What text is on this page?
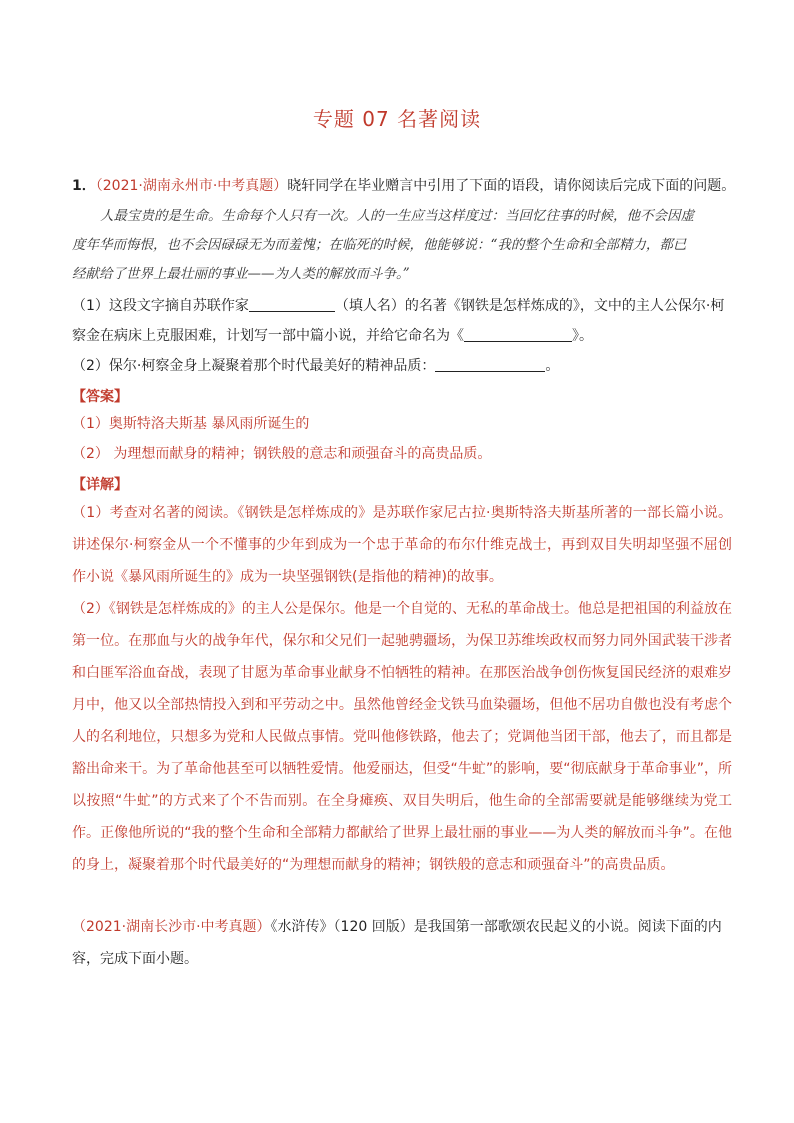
专题 07 名著阅读
1．（2021·湖南永州市·中考真题）晓轩同学在毕业赠言中引用了下面的语段，请你阅读后完成下面的问题。
人最宝贵的是生命。生命每个人只有一次。人的一生应当这样度过：当回忆往事的时候，他不会因虚
度年华而悔恨，也不会因碌碌无为而羞愧；在临死的时候，他能够说：“我的整个生命和全部精力，都已
经献给了世界上最壮丽的事业——为人类的解放而斗争。”
（1）这段文字摘自苏联作家	（填人名）的名著《钢铁是怎样炼成的》，文中的主人公保尔·柯
察金在病床上克服困难，计划写一部中篇小说，并给它命名为《	》。
（2）保尔·柯察金身上凝聚着那个时代最美好的精神品质：	。
【答案】
（1）奥斯特洛夫斯基 暴风雨所诞生的
（2） 为理想而献身的精神；钢铁般的意志和顽强奋斗的高贵品质。
【详解】
（1）考查对名著的阅读。《钢铁是怎样炼成的》是苏联作家尼古拉·奥斯特洛夫斯基所著的一部长篇小说。讲述保尔·柯察金从一个不懂事的少年到成为一个忠于革命的布尔什维克战士，再到双目失明却坚强不屈创作小说《暴风雨所诞生的》成为一块坚强钢铁(是指他的精神)的故事。
（2）《钢铁是怎样炼成的》的主人公是保尔。他是一个自觉的、无私的革命战士。他总是把祖国的利益放在第一位。在那血与火的战争年代，保尔和父兄们一起驰骋疆场，为保卫苏维埃政权而努力同外国武装干涉者和白匪军浴血奋战，表现了甘愿为革命事业献身不怕牺牲的精神。在那医治战争创伤恢复国民经济的艰难岁月中，他又以全部热情投入到和平劳动之中。虽然他曾经金戈铁马血染疆场，但他不居功自傲也没有考虑个人的名利地位，只想多为党和人民做点事情。党叫他修铁路，他去了；党调他当团干部，他去了，而且都是豁出命来干。为了革命他甚至可以牺牲爱情。他爱丽达，但受“牛虻”的影响，要“彻底献身于革命事业”，所以按照“牛虻”的方式来了个不告而别。在全身瘫痪、双目失明后，他生命的全部需要就是能够继续为党工作。正像他所说的“我的整个生命和全部精力都献给了世界上最壮丽的事业——为人类的解放而斗争”。在他的身上，凝聚着那个时代最美好的“为理想而献身的精神；钢铁般的意志和顽强奋斗”的高贵品质。
（2021·湖南长沙市·中考真题）《水浒传》（120 回版）是我国第一部歌颂农民起义的小说。阅读下面的内容，完成下面小题。
